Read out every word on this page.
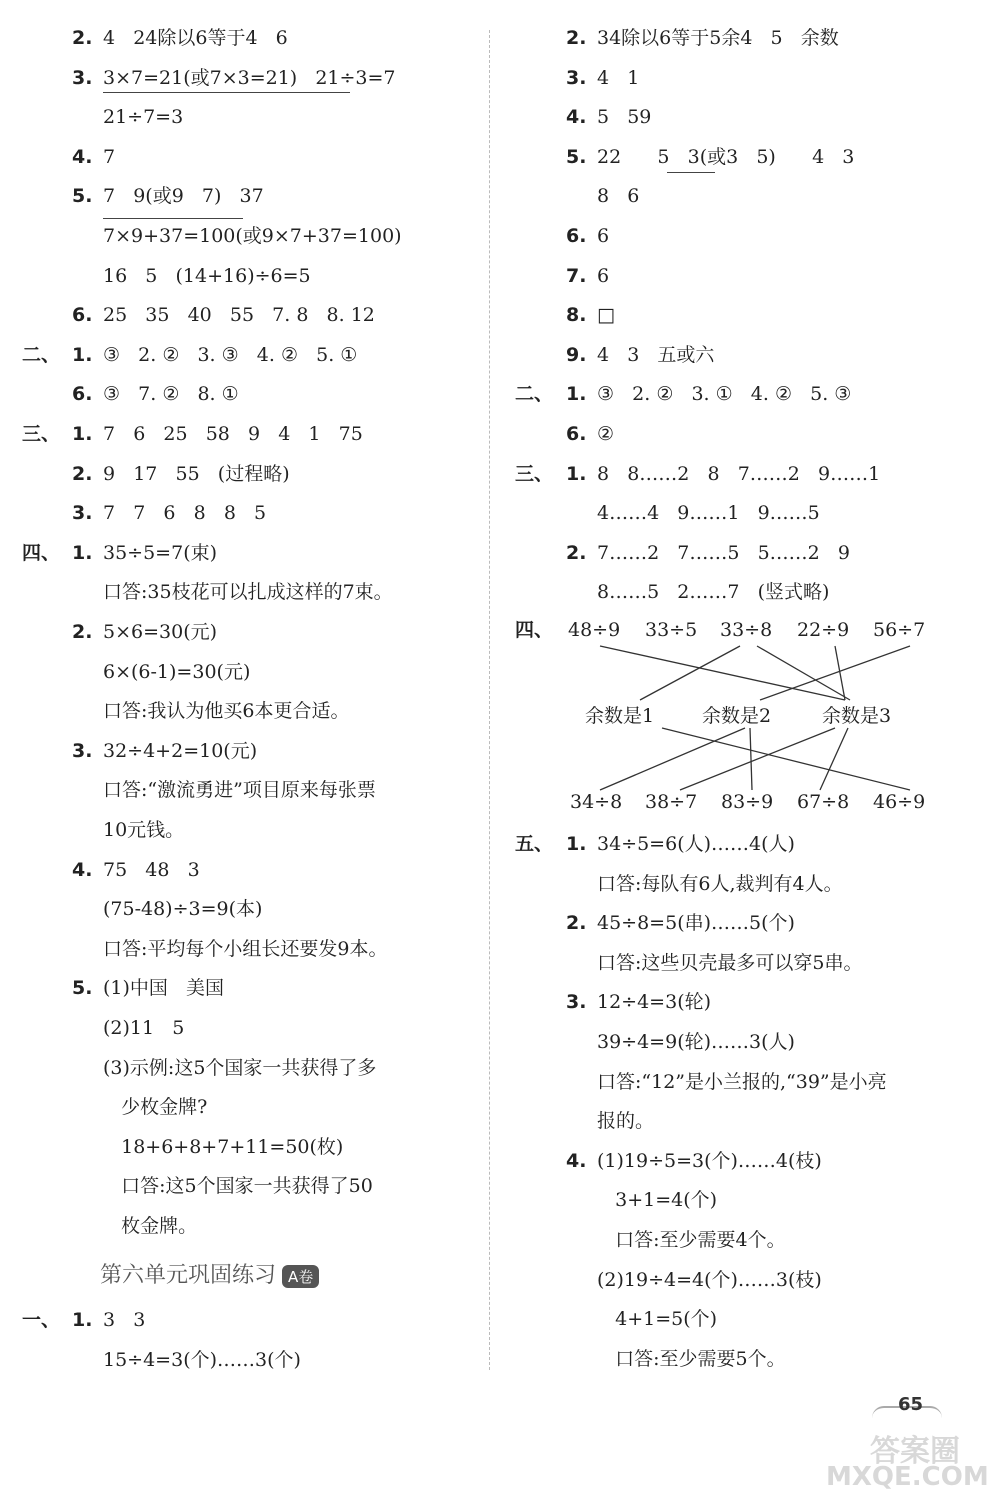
2. 4   24除以6等于4   6
3. 3×7=21(或7×3=21)   21÷3=7
21÷7=3
4. 7
5. 7   9(或9   7)   37
7×9+37=100(或9×7+37=100)
16   5   (14+16)÷6=5
6. 25   35   40   55   7. 8   8. 12
二、 1. ③   2. ②   3. ③   4. ②   5. ①
6. ③   7. ②   8. ①
三、 1. 7   6   25   58   9   4   1   75
2. 9   17   55   (过程略)
3. 7   7   6   8   8   5
四、 1. 35÷5=7(束)
口答:35枝花可以扎成这样的7束。
2. 5×6=30(元)
6×(6-1)=30(元)
口答:我认为他买6本更合适。
3. 32÷4+2=10(元)
口答:“激流勇进”项目原来每张票
10元钱。
4. 75   48   3
(75-48)÷3=9(本)
口答:平均每个小组长还要发9本。
5. (1)中国   美国
(2)11   5
(3)示例:这5个国家一共获得了多
少枚金牌?
18+6+8+7+11=50(枚)
口答:这5个国家一共获得了50
枚金牌。
第六单元巩固练习 A卷
一、 1. 3   3
15÷4=3(个)……3(个)
2. 34除以6等于5余4   5   余数
3. 4   1
4. 5   59
5. 22      5   3(或3   5)      4   3
8   6
6. 6
7. 6
8. □
9. 4   3   五或六
二、 1. ③   2. ②   3. ①   4. ②   5. ③
6. ②
三、 1. 8   8……2   8   7……2   9……1
4……4   9……1   9……5
2. 7……2   7……5   5……2   9
8……5   2……7   (竖式略)
四、 48÷9 33÷5 33÷8 22÷9 56÷7
余数是1	余数是2	余数是3
34÷8 38÷7 83÷9 67÷8 46÷9
五、 1. 34÷5=6(人)……4(人)
口答:每队有6人,裁判有4人。
2. 45÷8=5(串)……5(个)
口答:这些贝壳最多可以穿5串。
3. 12÷4=3(轮)
39÷4=9(轮)……3(人)
口答:“12”是小兰报的,“39”是小亮
报的。
4. (1)19÷5=3(个)……4(枝)
3+1=4(个)
口答:至少需要4个。
(2)19÷4=4(个)……3(枝)
4+1=5(个)
口答:至少需要5个。
65
答案圈
MXQE.COM
